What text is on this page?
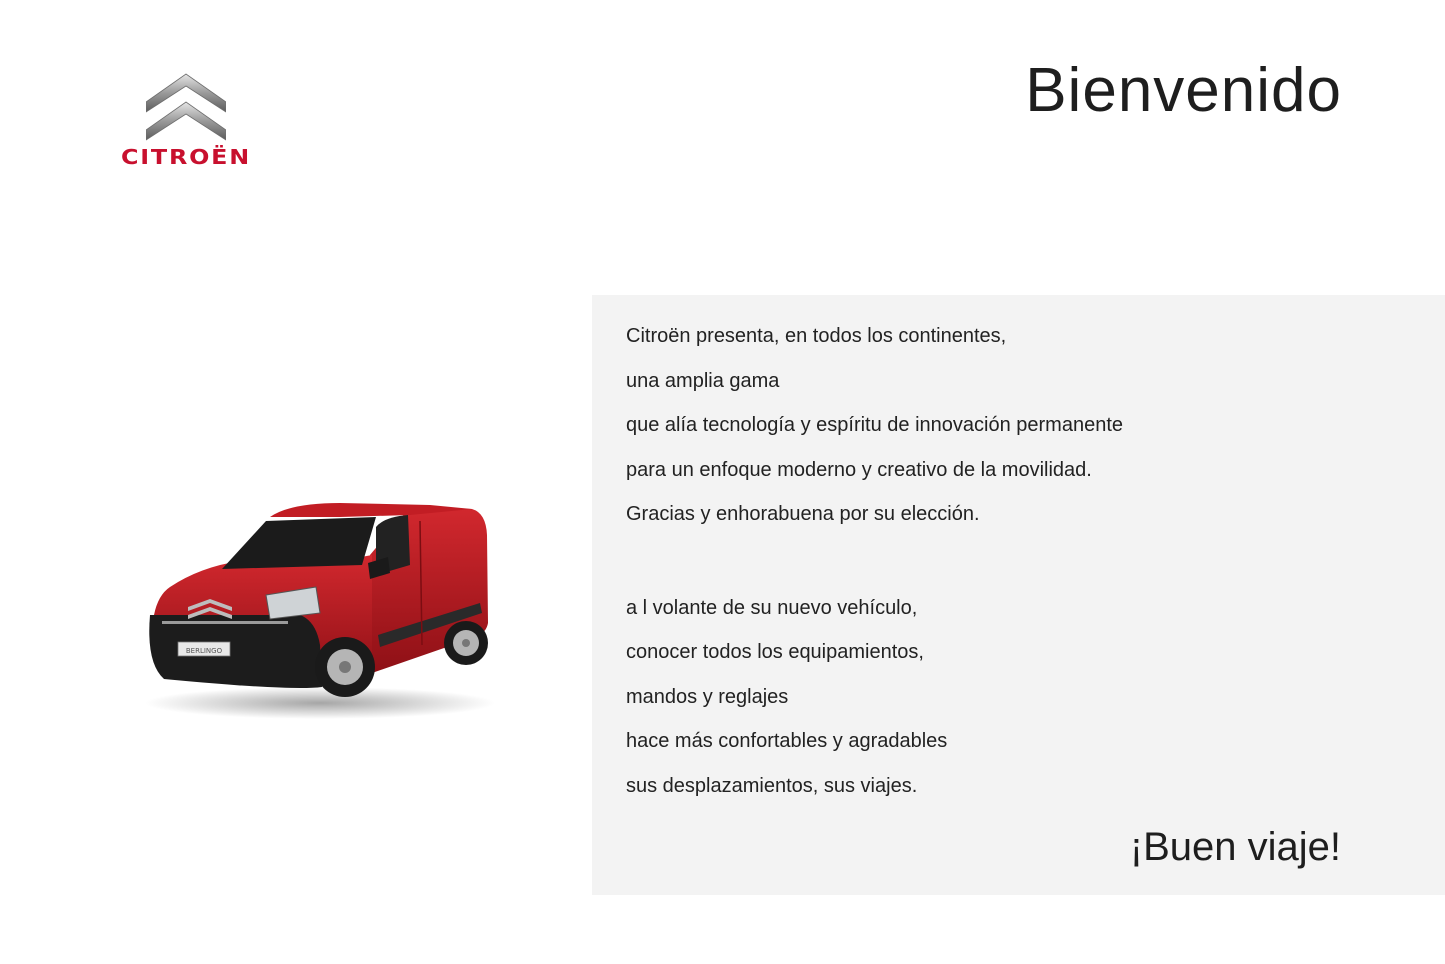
CITROËN
Bienvenido
BERLINGO
Citroën presenta, en todos los continentes,
una amplia gama
que alía tecnología y espíritu de innovación permanente
para un enfoque moderno y creativo de la movilidad.
Gracias y enhorabuena por su elección.
a l volante de su nuevo vehículo,
conocer todos los equipamientos,
mandos y reglajes
hace más confortables y agradables
sus desplazamientos, sus viajes.
¡Buen viaje!
